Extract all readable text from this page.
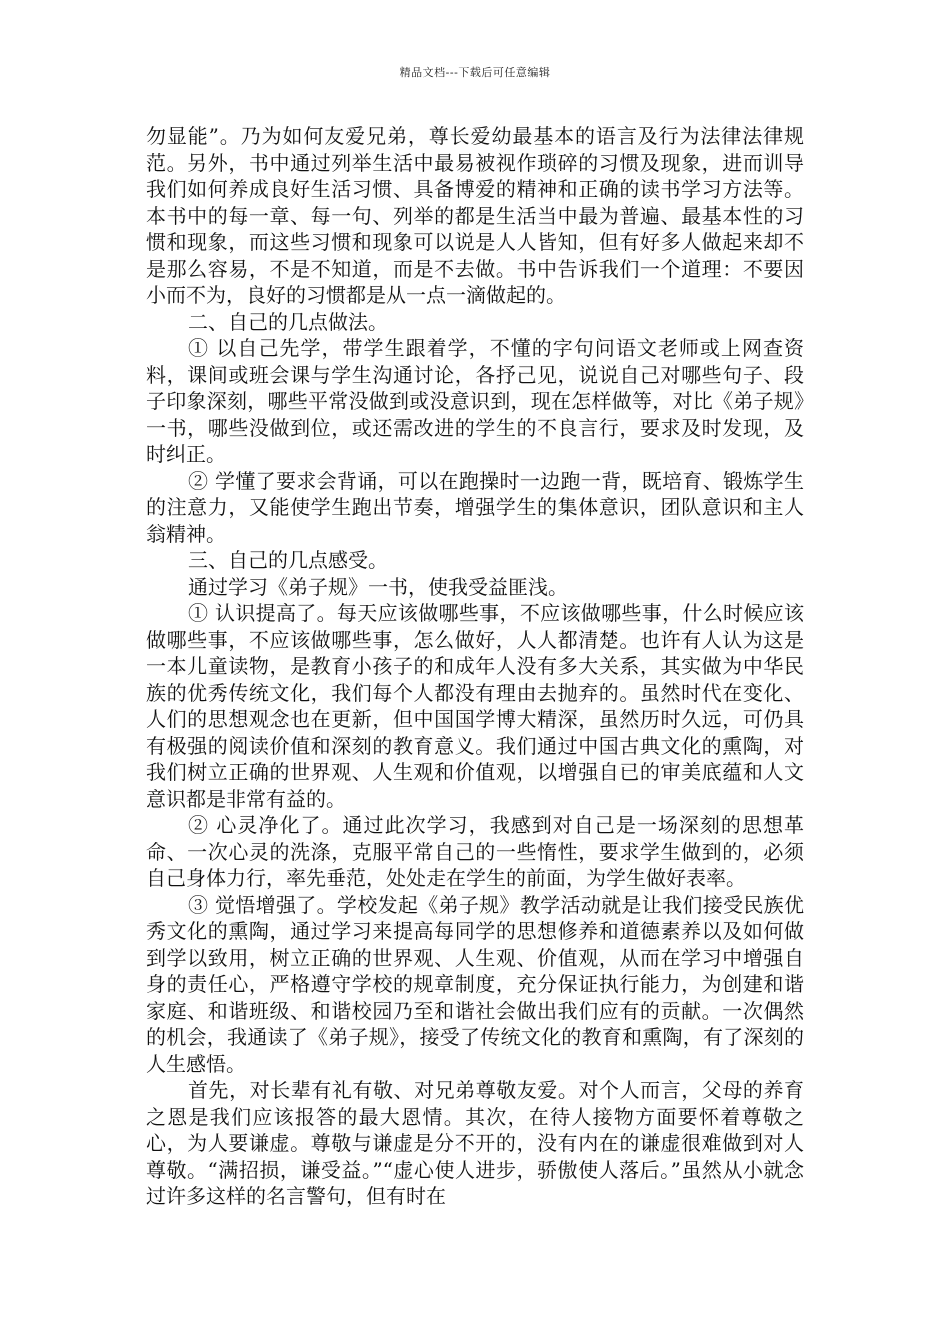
精品文档---下载后可任意编辑

勿显能”。乃为如何友爱兄弟，尊长爱幼最基本的语言及行为法律法律规范。另外，书中通过列举生活中最易被视作琐碎的习惯及现象，进而训导我们如何养成良好生活习惯、具备博爱的精神和正确的读书学习方法等。本书中的每一章、每一句、列举的都是生活当中最为普遍、最基本性的习惯和现象，而这些习惯和现象可以说是人人皆知，但有好多人做起来却不是那么容易，不是不知道，而是不去做。书中告诉我们一个道理：不要因小而不为，良好的习惯都是从一点一滴做起的。

二、自己的几点做法。

① 以自己先学，带学生跟着学，不懂的字句问语文老师或上网查资料，课间或班会课与学生沟通讨论，各抒己见，说说自己对哪些句子、段子印象深刻，哪些平常没做到或没意识到，现在怎样做等，对比《弟子规》一书，哪些没做到位，或还需改进的学生的不良言行，要求及时发现，及时纠正。

② 学懂了要求会背诵，可以在跑操时一边跑一背，既培育、锻炼学生的注意力，又能使学生跑出节奏，增强学生的集体意识，团队意识和主人翁精神。

三、自己的几点感受。

通过学习《弟子规》一书，使我受益匪浅。

① 认识提高了。每天应该做哪些事，不应该做哪些事，什么时候应该做哪些事，不应该做哪些事，怎么做好，人人都清楚。也许有人认为这是一本儿童读物，是教育小孩子的和成年人没有多大关系，其实做为中华民族的优秀传统文化，我们每个人都没有理由去抛弃的。虽然时代在变化、人们的思想观念也在更新，但中国国学博大精深，虽然历时久远，可仍具有极强的阅读价值和深刻的教育意义。我们通过中国古典文化的熏陶，对我们树立正确的世界观、人生观和价值观，以增强自已的审美底蕴和人文意识都是非常有益的。

② 心灵净化了。通过此次学习，我感到对自己是一场深刻的思想革命、一次心灵的洗涤，克服平常自己的一些惰性，要求学生做到的，必须自己身体力行，率先垂范，处处走在学生的前面，为学生做好表率。

③ 觉悟增强了。学校发起《弟子规》教学活动就是让我们接受民族优秀文化的熏陶，通过学习来提高每同学的思想修养和道德素养以及如何做到学以致用，树立正确的世界观、人生观、价值观，从而在学习中增强自身的责任心，严格遵守学校的规章制度，充分保证执行能力，为创建和谐家庭、和谐班级、和谐校园乃至和谐社会做出我们应有的贡献。一次偶然的机会，我通读了《弟子规》，接受了传统文化的教育和熏陶，有了深刻的人生感悟。

首先，对长辈有礼有敬、对兄弟尊敬友爱。对个人而言，父母的养育之恩是我们应该报答的最大恩情。其次，在待人接物方面要怀着尊敬之心，为人要谦虚。尊敬与谦虚是分不开的，没有内在的谦虚很难做到对人尊敬。“满招损，谦受益。”“虚心使人进步，骄傲使人落后。”虽然从小就念过许多这样的名言警句，但有时在
